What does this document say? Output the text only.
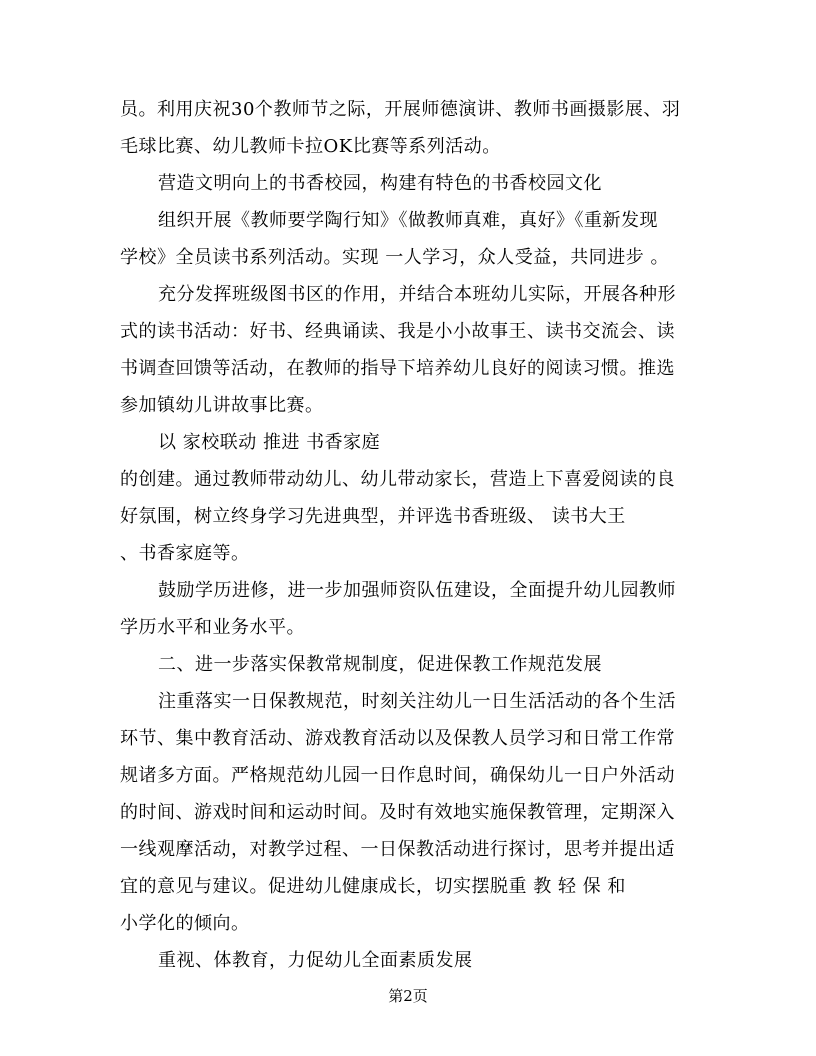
员。利用庆祝30个教师节之际，开展师德演讲、教师书画摄影展、羽
毛球比赛、幼儿教师卡拉OK比赛等系列活动。
营造文明向上的书香校园，构建有特色的书香校园文化
组织开展《教师要学陶行知》《做教师真难，真好》《重新发现
学校》全员读书系列活动。实现 一人学习，众人受益，共同进步 。
充分发挥班级图书区的作用，并结合本班幼儿实际，开展各种形
式的读书活动：好书、经典诵读、我是小小故事王、读书交流会、读
书调查回馈等活动，在教师的指导下培养幼儿良好的阅读习惯。推选
参加镇幼儿讲故事比赛。
以 家校联动 推进 书香家庭
的创建。通过教师带动幼儿、幼儿带动家长，营造上下喜爱阅读的良
好氛围，树立终身学习先进典型，并评选书香班级、 读书大王
、书香家庭等。
鼓励学历进修，进一步加强师资队伍建设，全面提升幼儿园教师
学历水平和业务水平。
二、进一步落实保教常规制度，促进保教工作规范发展
注重落实一日保教规范，时刻关注幼儿一日生活活动的各个生活
环节、集中教育活动、游戏教育活动以及保教人员学习和日常工作常
规诸多方面。严格规范幼儿园一日作息时间，确保幼儿一日户外活动
的时间、游戏时间和运动时间。及时有效地实施保教管理，定期深入
一线观摩活动，对教学过程、一日保教活动进行探讨，思考并提出适
宜的意见与建议。促进幼儿健康成长，切实摆脱重 教 轻 保 和
小学化的倾向。
重视、体教育，力促幼儿全面素质发展
第2页
